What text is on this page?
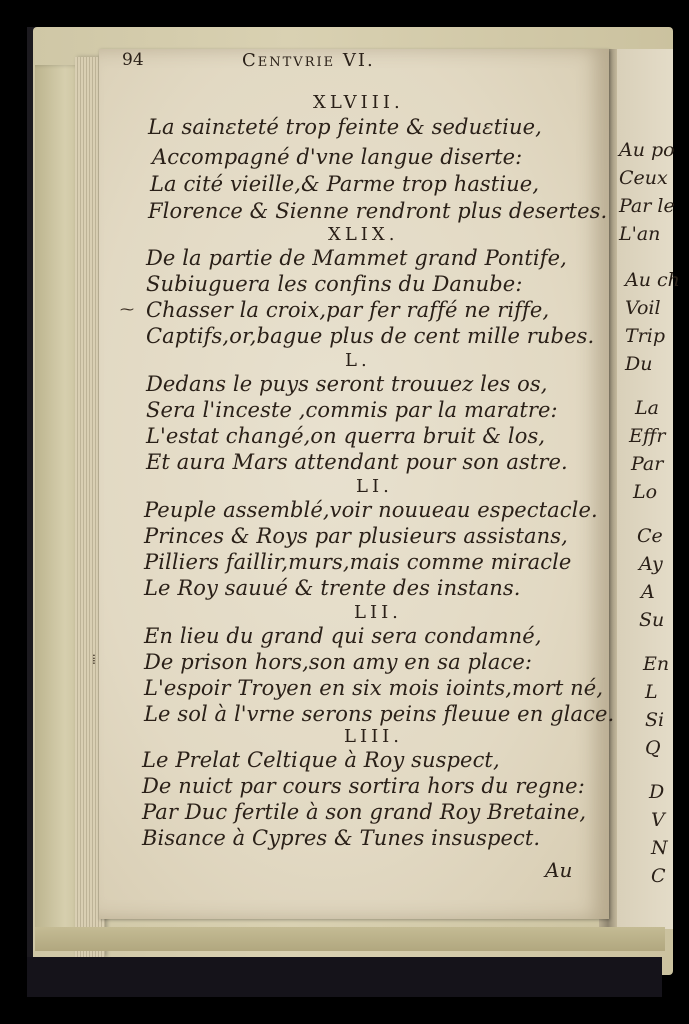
Au po
Ceux
Par le
L'an
Au ch
Voil
Trip
Du
La
Effr
Par
Lo
Ce
Ay
A
Su
En
L
Si
Q
D
V
N
C
94	Centvrie VI.
XLVIII.
La sainɛteté trop feinte & seduɛtiue,
Accompagné d'vne langue diserte:
La cité vieille,& Parme trop hastiue,
Florence & Sienne rendront plus desertes.
XLIX.
De la partie de Mammet grand Pontife,
Subiuguera les confins du Danube:
Chasser la croix,par fer raffé ne riffe,
Captifs,or,bague plus de cent mille rubes.
⁓
L.
Dedans le puys seront trouuez les os,
Sera l'inceste ,commis par la maratre:
L'estat changé,on querra bruit & los,
Et aura Mars attendant pour son astre.
LI.
Peuple assemblé,voir nouueau espectacle.
Princes & Roys par plusieurs assistans,
Pilliers faillir,murs,mais comme miracle
Le Roy sauué & trente des instans.
LII.
En lieu du grand qui sera condamné,
De prison hors,son amy en sa place:
L'espoir Troyen en six mois ioints,mort né,
Le sol à l'vrne serons peins fleuue en glace.
⁞
LIII.
Le Prelat Celtique à Roy suspect,
De nuict par cours sortira hors du regne:
Par Duc fertile à son grand Roy Bretaine,
Bisance à Cypres & Tunes insuspect.
Au
